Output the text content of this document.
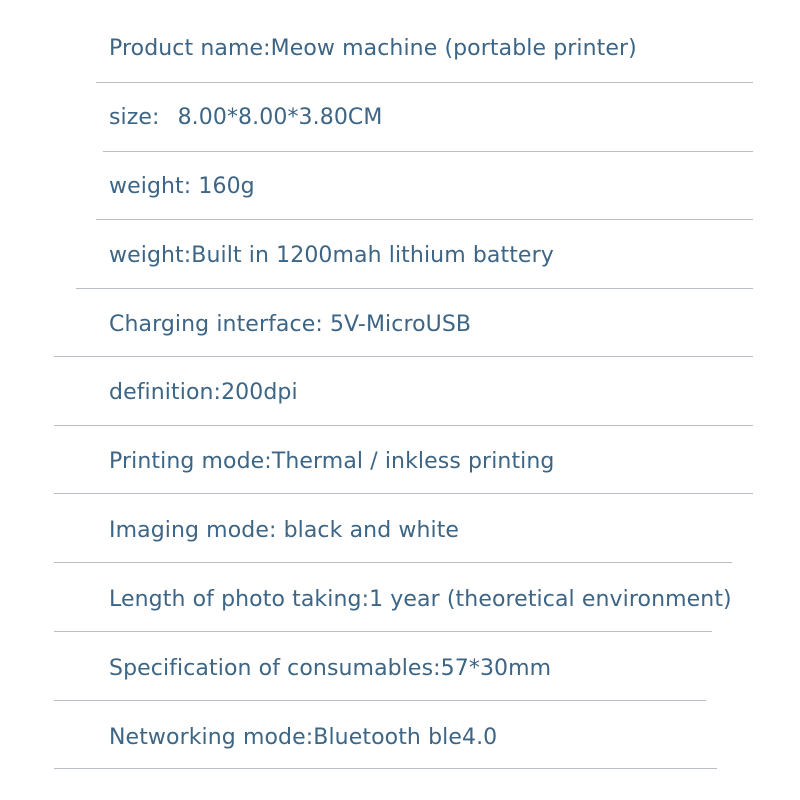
Product name:Meow machine (portable printer)
size: 8.00*8.00*3.80CM
weight: 160g
weight:Built in 1200mah lithium battery
Charging interface: 5V-MicroUSB
definition:200dpi
Printing mode:Thermal / inkless printing
Imaging mode: black and white
Length of photo taking:1 year (theoretical environment)
Specification of consumables:57*30mm
Networking mode:Bluetooth ble4.0
